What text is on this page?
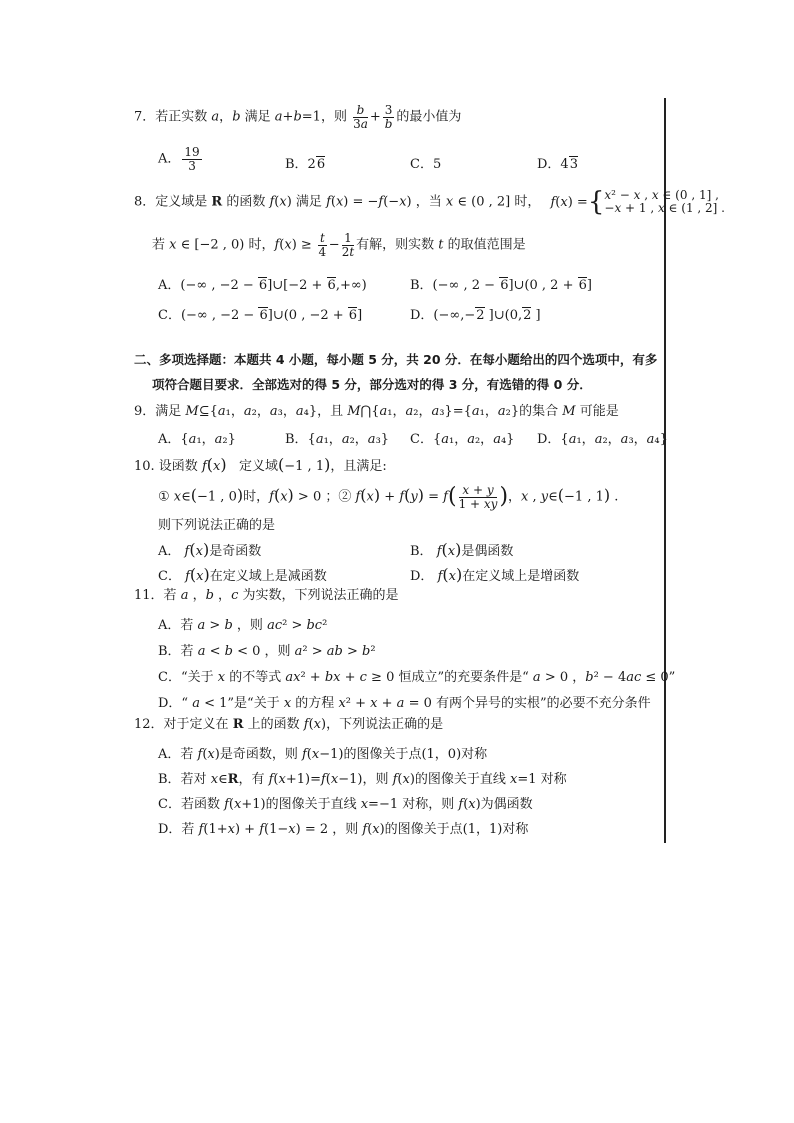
7．若正实数 a，b 满足 a+b=1，则 $\frac{b}{3a} + \frac{3}{b}$ 的最小值为
A． $\frac{19}{3}$	B．26	C．5	D．43
8．定义域是 R 的函数 f(x) 满足 f(x) = −f(−x) ，当 x ∈ (0 , 2] 时， f(x) ={x² − x , x ∈ (0 , 1] ,
−x + 1 , x ∈ (1 , 2] .
若 x ∈ [−2 , 0) 时，$f(x) \ge \frac{t}{4} - \frac{1}{2t}$ 有解，则实数 t 的取值范围是
A．(−∞ , −2 − 6]∪[−2 + 6,+∞)	B．(−∞ , 2 − 6]∪(0 , 2 + 6]
C．(−∞ , −2 − 6]∪(0 , −2 + 6]	D．(−∞,−2 ]∪(0,2 ]
二、多项选择题：本题共 4 小题，每小题 5 分，共 20 分．在每小题给出的四个选项中，有多
项符合题目要求．全部选对的得 5 分，部分选对的得 3 分，有选错的得 0 分．
9．满足 M⊆{a₁，a₂，a₃，a₄}，且 M⋂{a₁，a₂，a₃}={a₁，a₂}的集合 M 可能是
A．{a₁，a₂}	B．{a₁，a₂，a₃} C．{a₁，a₂，a₄} D．{a₁，a₂，a₃，a₄}
10. 设函数 f(x)   定义域(−1 , 1)，且满足:
① x∈(−1 , 0)时，f(x) > 0 ；② $f(x) + f(y) = f( \frac{x + y}{1 + xy}$ )，x , y∈(−1 , 1) .
则下列说法正确的是
A． f(x)是奇函数	B． f(x)是偶函数
C． f(x)在定义域上是减函数	D． f(x)在定义域上是增函数
11．若 a ，b ，c 为实数，下列说法正确的是
A．若 a > b ，则 ac² > bc²
B．若 a < b < 0 ，则 a² > ab > b²
C．“关于 x 的不等式 ax² + bx + c ≥ 0 恒成立”的充要条件是“ a > 0 ，b² − 4ac ≤ 0”
D．“ a < 1”是“关于 x 的方程 x² + x + a = 0 有两个异号的实根”的必要不充分条件
12．对于定义在 R 上的函数 f(x)，下列说法正确的是
A．若 f(x)是奇函数，则 f(x−1)的图像关于点(1，0)对称
B．若对 x∈R，有 f(x+1)=f(x−1)，则 f(x)的图像关于直线 x=1 对称
C．若函数 f(x+1)的图像关于直线 x=−1 对称，则 f(x)为偶函数
D．若 f(1+x) + f(1−x) = 2 ，则 f(x)的图像关于点(1，1)对称
